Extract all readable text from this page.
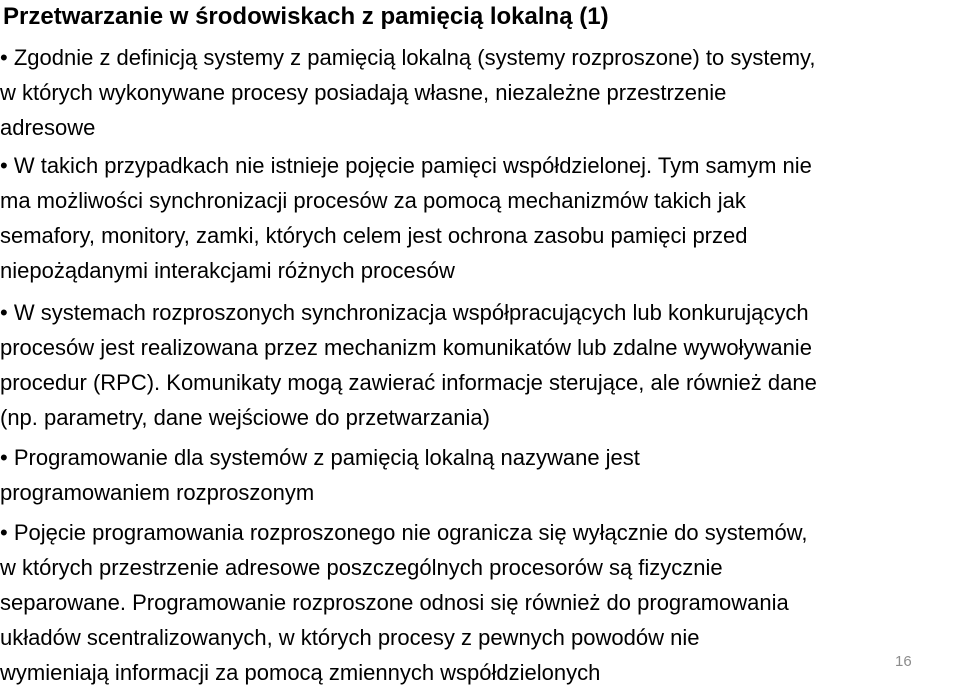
Przetwarzanie w środowiskach z pamięcią lokalną (1)
• Zgodnie z definicją systemy z pamięcią lokalną (systemy rozproszone) to systemy,
w których wykonywane procesy posiadają własne, niezależne przestrzenie
adresowe
• W takich przypadkach nie istnieje pojęcie pamięci współdzielonej. Tym samym nie
ma możliwości synchronizacji procesów za pomocą mechanizmów takich jak
semafory, monitory, zamki, których celem jest ochrona zasobu pamięci przed
niepożądanymi interakcjami różnych procesów
• W systemach rozproszonych synchronizacja współpracujących lub konkurujących
procesów jest realizowana przez mechanizm komunikatów lub zdalne wywoływanie
procedur (RPC). Komunikaty mogą zawierać informacje sterujące, ale również dane
(np. parametry, dane wejściowe do przetwarzania)
• Programowanie dla systemów z pamięcią lokalną nazywane jest
programowaniem rozproszonym
• Pojęcie programowania rozproszonego nie ogranicza się wyłącznie do systemów,
w których przestrzenie adresowe poszczególnych procesorów są fizycznie
separowane. Programowanie rozproszone odnosi się również do programowania
układów scentralizowanych, w których procesy z pewnych powodów nie
wymieniają informacji za pomocą zmiennych współdzielonych	16
